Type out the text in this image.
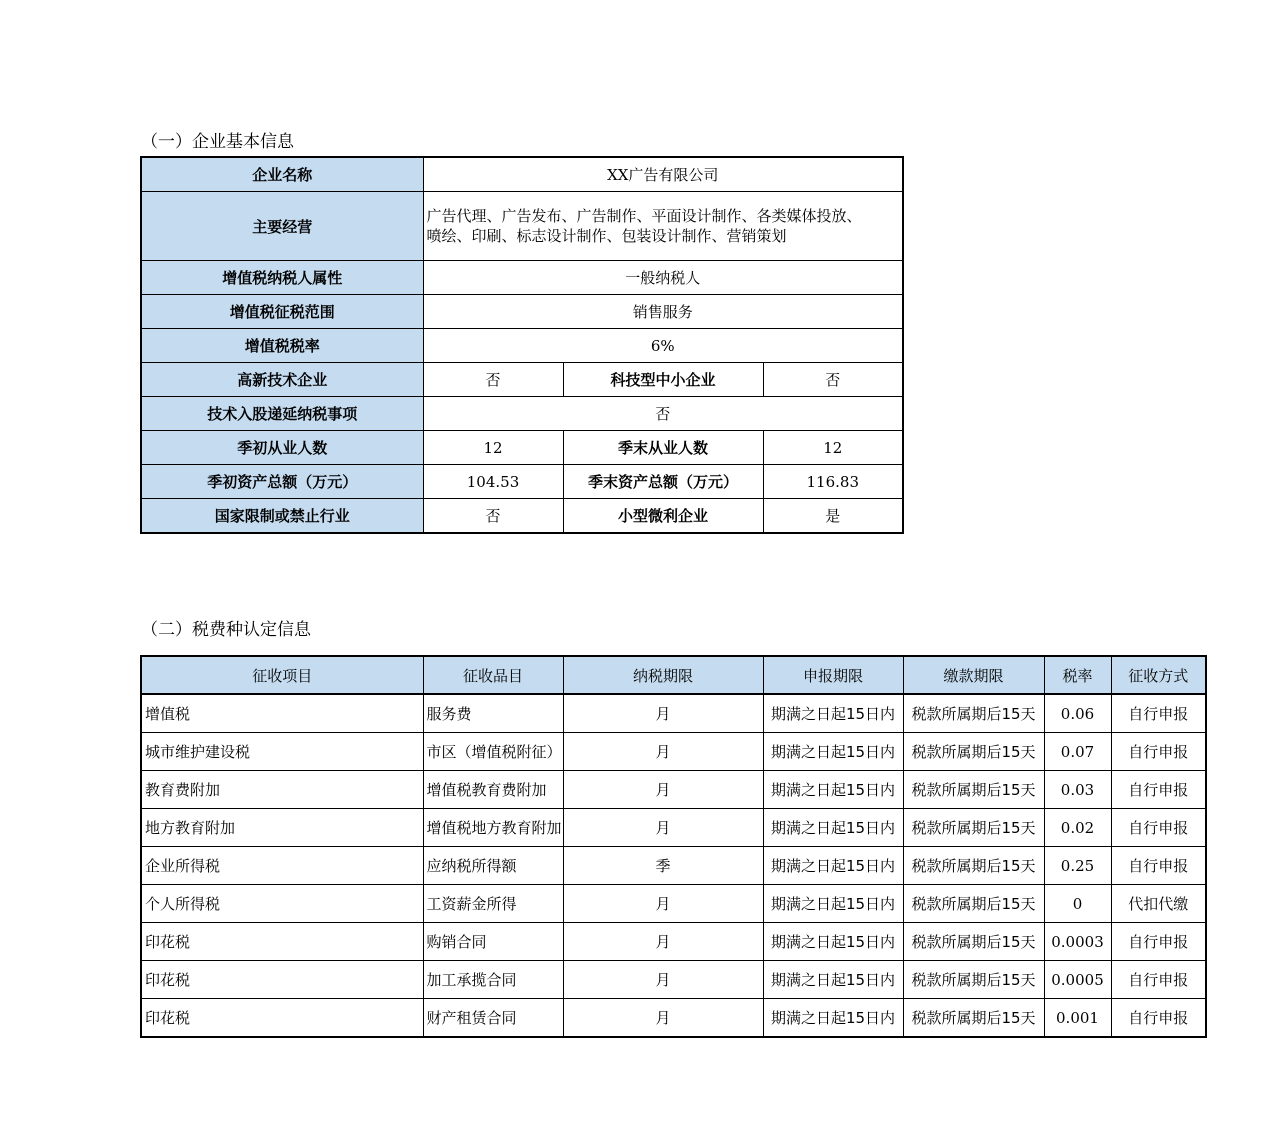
（一）企业基本信息
企业名称	XX广告有限公司		
主要经营	广告代理、广告发布、广告制作、平面设计制作、各类媒体投放、
喷绘、印刷、标志设计制作、包装设计制作、营销策划		
增值税纳税人属性	一般纳税人		
增值税征税范围	销售服务		
增值税税率	6%		
高新技术企业	否	科技型中小企业	否
技术入股递延纳税事项	否		
季初从业人数	12	季末从业人数	12
季初资产总额（万元）	104.53	季末资产总额（万元）	116.83
国家限制或禁止行业	否	小型微利企业	是
（二）税费种认定信息
征收项目	征收品目	纳税期限	申报期限	缴款期限	税率	征收方式
增值税	服务费	月	期满之日起15日内	税款所属期后15天	0.06	自行申报
城市维护建设税	市区（增值税附征）	月	期满之日起15日内	税款所属期后15天	0.07	自行申报
教育费附加	增值税教育费附加	月	期满之日起15日内	税款所属期后15天	0.03	自行申报
地方教育附加	增值税地方教育附加	月	期满之日起15日内	税款所属期后15天	0.02	自行申报
企业所得税	应纳税所得额	季	期满之日起15日内	税款所属期后15天	0.25	自行申报
个人所得税	工资薪金所得	月	期满之日起15日内	税款所属期后15天	0	代扣代缴
印花税	购销合同	月	期满之日起15日内	税款所属期后15天	0.0003	自行申报
印花税	加工承揽合同	月	期满之日起15日内	税款所属期后15天	0.0005	自行申报
印花税	财产租赁合同	月	期满之日起15日内	税款所属期后15天	0.001	自行申报
